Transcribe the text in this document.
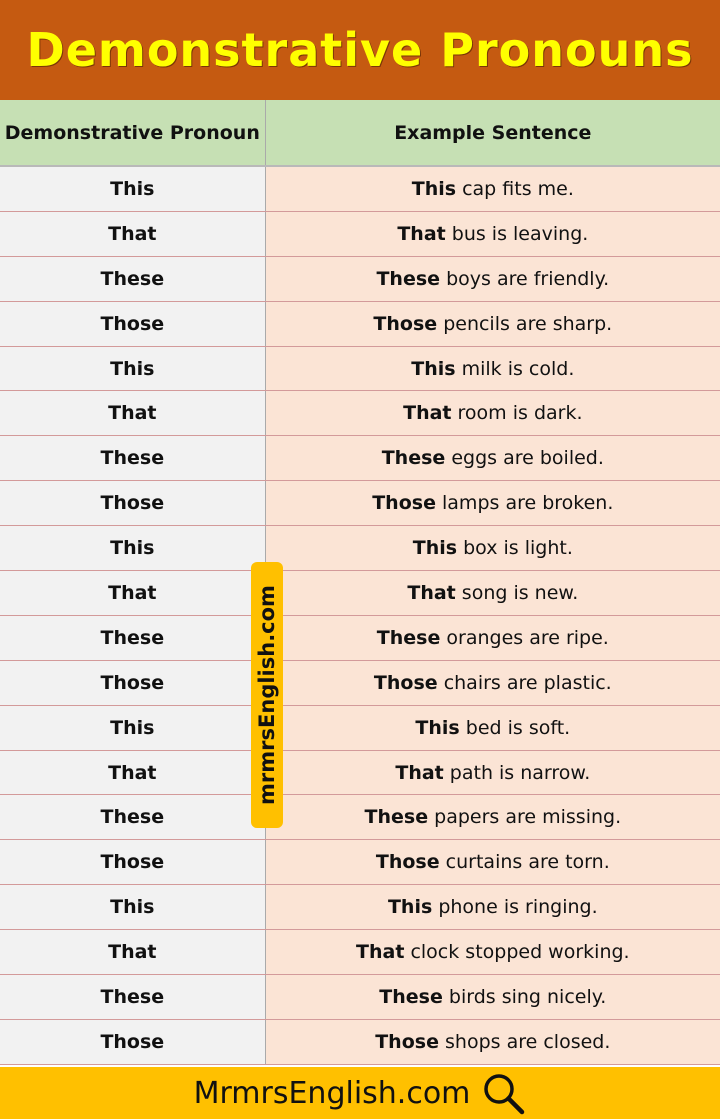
Demonstrative Pronouns
Demonstrative Pronoun	Example Sentence
This	This cap fits me.
That	That bus is leaving.
These	These boys are friendly.
Those	Those pencils are sharp.
This	This milk is cold.
That	That room is dark.
These	These eggs are boiled.
Those	Those lamps are broken.
This	This box is light.
That	That song is new.
These	These oranges are ripe.
Those	Those chairs are plastic.
This	This bed is soft.
That	That path is narrow.
These	These papers are missing.
Those	Those curtains are torn.
This	This phone is ringing.
That	That clock stopped working.
These	These birds sing nicely.
Those	Those shops are closed.
mrmrsEnglish.com
MrmrsEnglish.com
